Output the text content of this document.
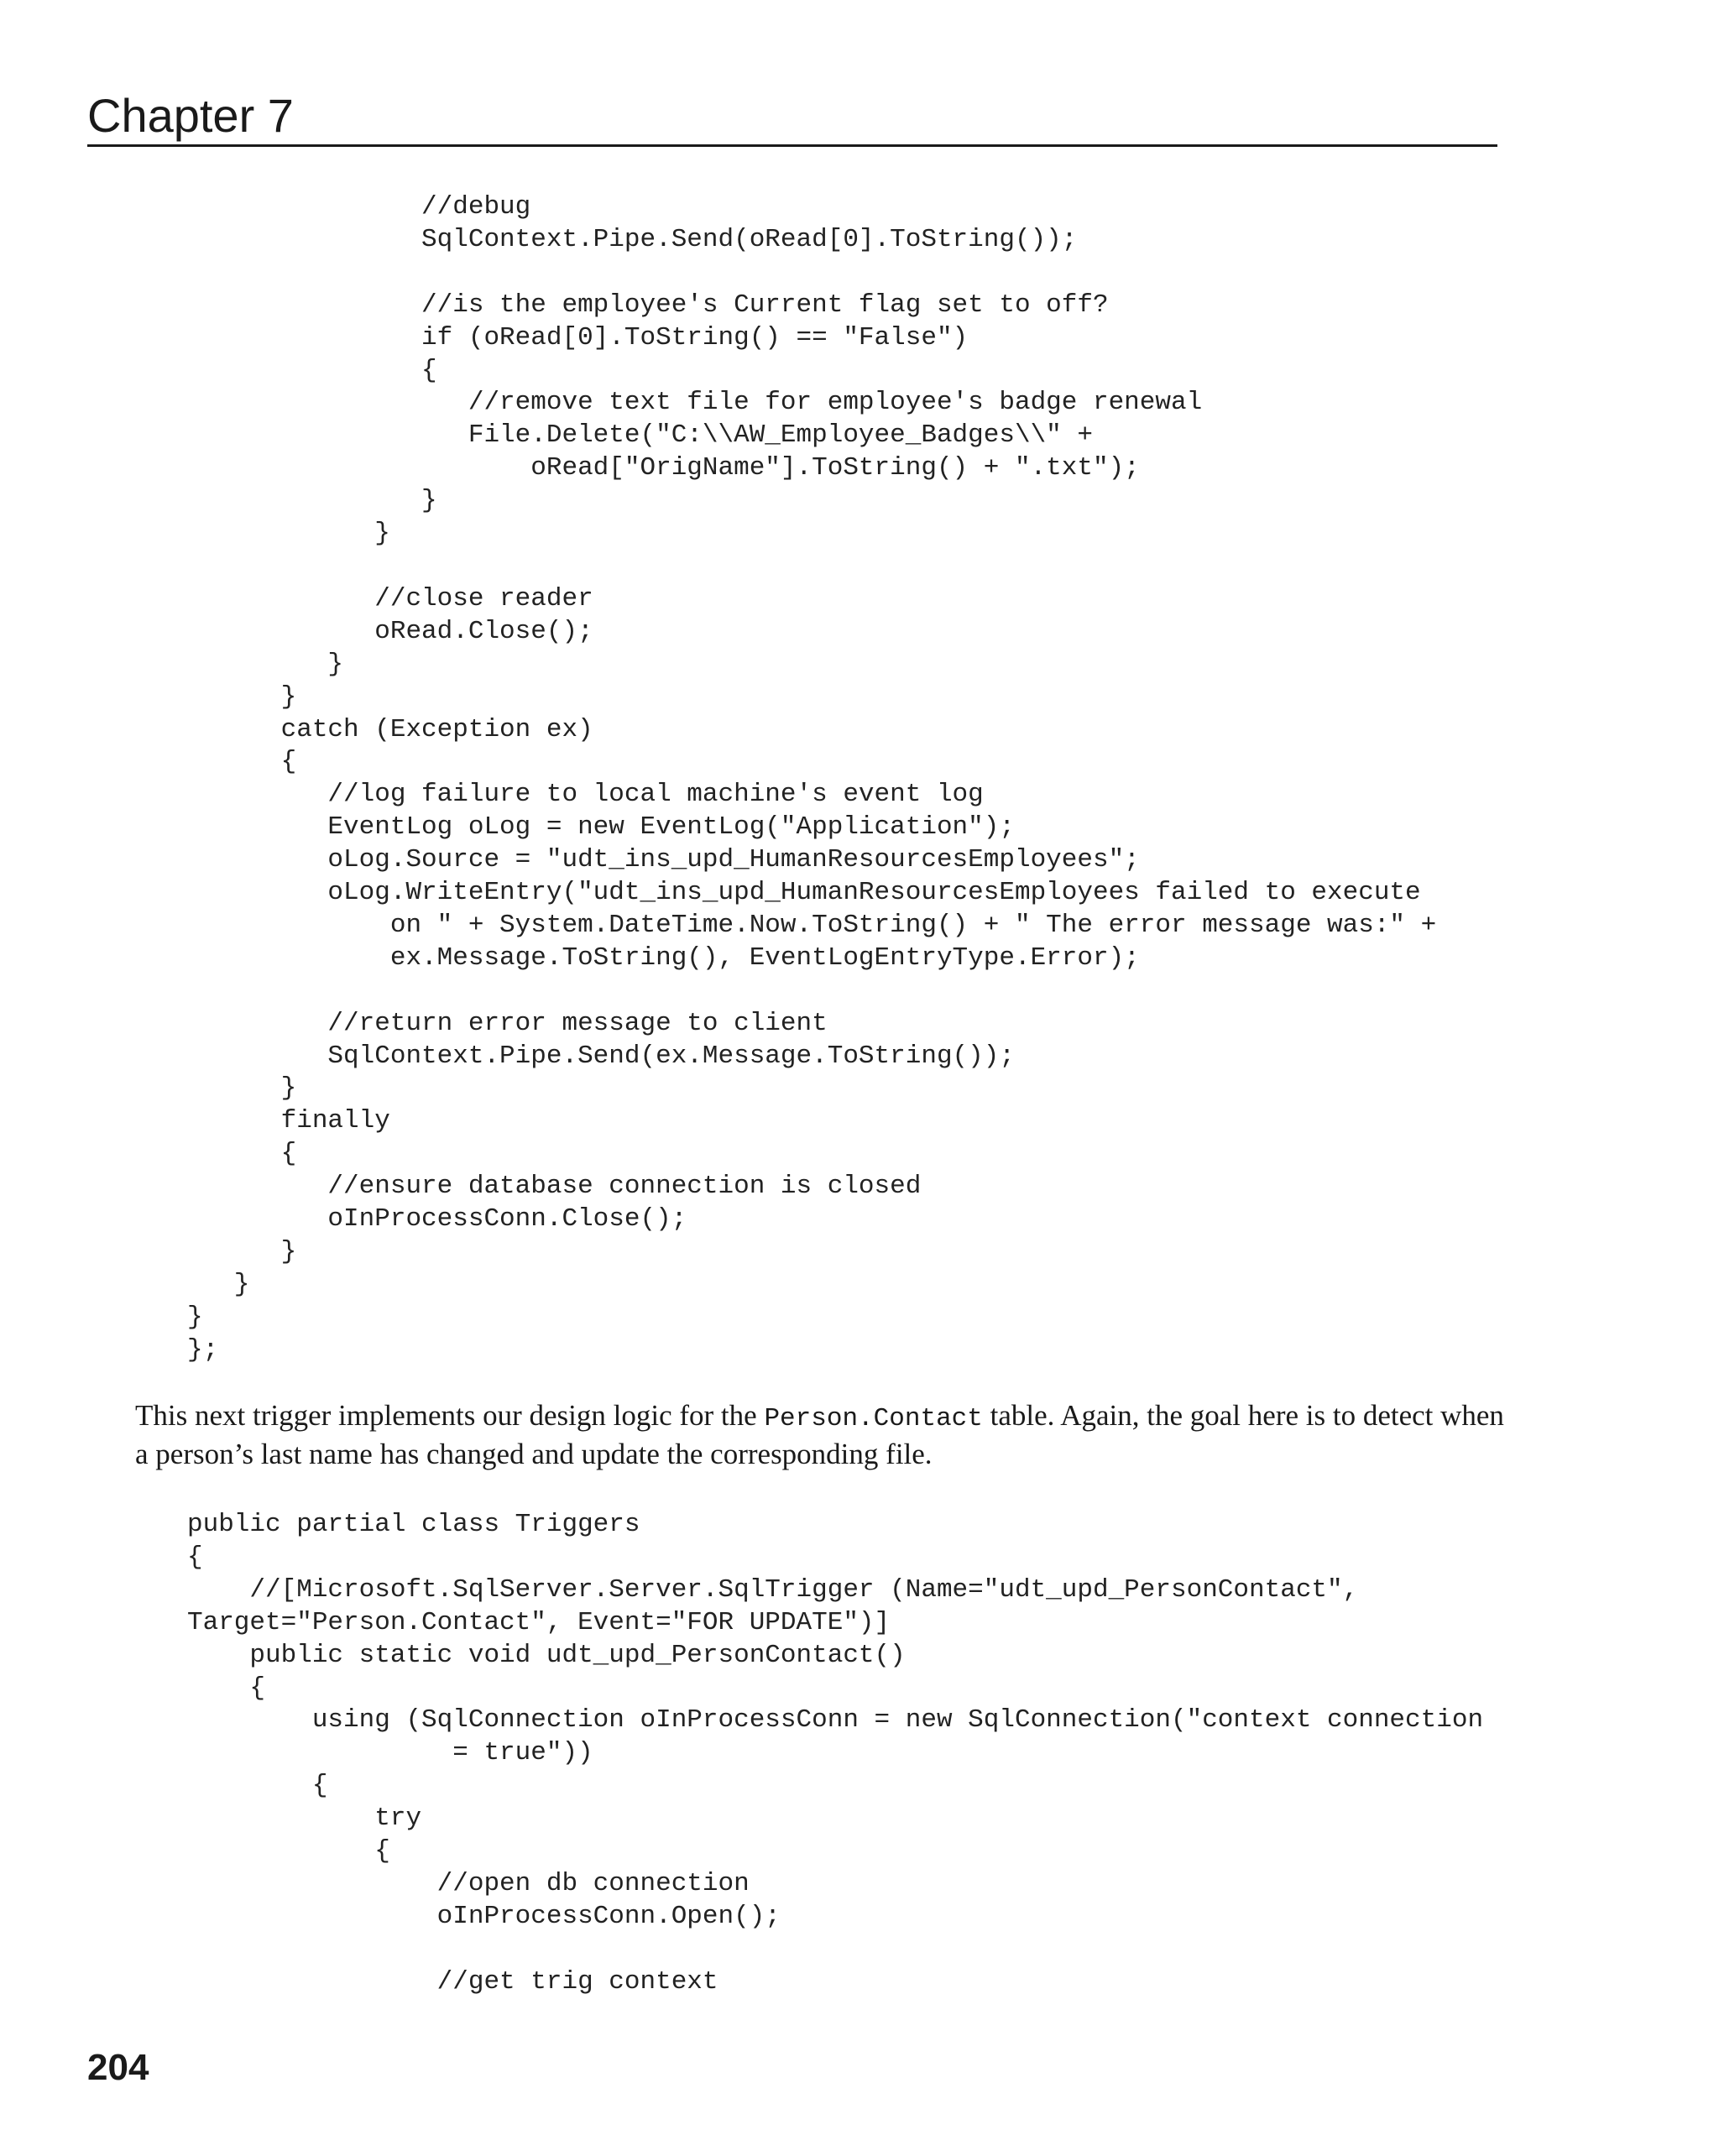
Chapter 7
//debug
SqlContext.Pipe.Send(oRead[0].ToString());

//is the employee's Current flag set to off?
if (oRead[0].ToString() == "False")
{
//remove text file for employee's badge renewal
File.Delete("C:\\AW_Employee_Badges\\" +
oRead["OrigName"].ToString() + ".txt");
}
}

//close reader
oRead.Close();
}
}
catch (Exception ex)
{
//log failure to local machine's event log
EventLog oLog = new EventLog("Application");
oLog.Source = "udt_ins_upd_HumanResourcesEmployees";
oLog.WriteEntry("udt_ins_upd_HumanResourcesEmployees failed to execute
on " + System.DateTime.Now.ToString() + " The error message was:" +
ex.Message.ToString(), EventLogEntryType.Error);

//return error message to client
SqlContext.Pipe.Send(ex.Message.ToString());
}
finally
{
//ensure database connection is closed
oInProcessConn.Close();
}
}
}
};

This next trigger implements our design logic for the Person.Contact table. Again, the goal here is to detect when a person’s last name has changed and update the corresponding file.

public partial class Triggers
{
//[Microsoft.SqlServer.Server.SqlTrigger (Name="udt_upd_PersonContact",
Target="Person.Contact", Event="FOR UPDATE")]
public static void udt_upd_PersonContact()
{
using (SqlConnection oInProcessConn = new SqlConnection("context connection
= true"))
{
try
{
//open db connection
oInProcessConn.Open();

//get trig context
204
